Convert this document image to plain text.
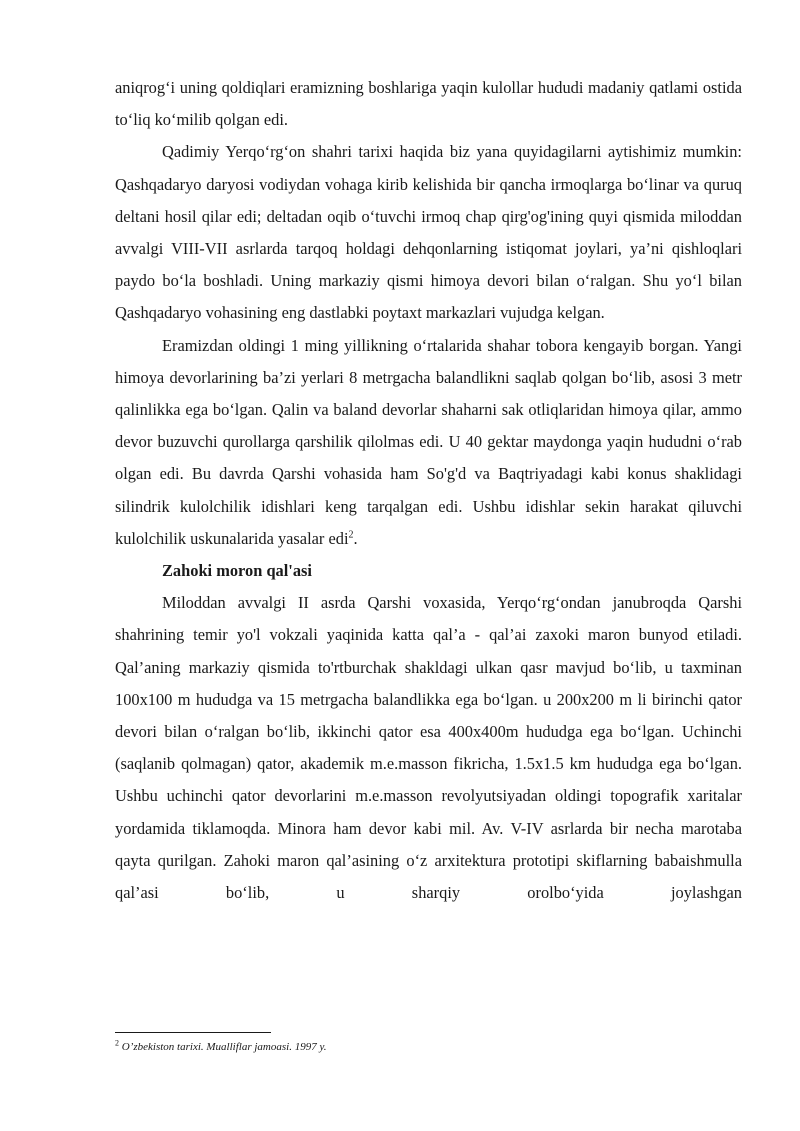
aniqrog‘i uning qoldiqlari eramizning boshlariga yaqin kulollar hududi madaniy qatlami ostida to‘liq ko‘milib qolgan edi.

Qadimiy Yerqo‘rg‘on shahri tarixi haqida biz yana quyidagilarni aytishimiz mumkin: Qashqadaryo daryosi vodiydan vohaga kirib kelishida bir qancha irmoqlarga bo‘linar va quruq deltani hosil qilar edi; deltadan oqib o‘tuvchi irmoq chap qirg'og'ining quyi qismida miloddan avvalgi VIII-VII asrlarda tarqoq holdagi dehqonlarning istiqomat joylari, ya’ni qishloqlari paydo bo‘la boshladi. Uning markaziy qismi himoya devori bilan o‘ralgan. Shu yo‘l bilan Qashqadaryo vohasining eng dastlabki poytaxt markazlari vujudga kelgan.

Eramizdan oldingi 1 ming yillikning o‘rtalarida shahar tobora kengayib borgan. Yangi himoya devorlarining ba’zi yerlari 8 metrgacha balandlikni saqlab qolgan bo‘lib, asosi 3 metr qalinlikka ega bo‘lgan. Qalin va baland devorlar shaharni sak otliqlaridan himoya qilar, ammo devor buzuvchi qurollarga qarshilik qilolmas edi. U 40 gektar maydonga yaqin hududni o‘rab olgan edi. Bu davrda Qarshi vohasida ham So'g'd va Baqtriyadagi kabi konus shaklidagi silindrik kulolchilik idishlari keng tarqalgan edi. Ushbu idishlar sekin harakat qiluvchi kulolchilik uskunalarida yasalar edi$^2$.

Zahoki moron qal'asi

Miloddan avvalgi II asrda Qarshi voxasida, Yerqo‘rg‘ondan janubroqda Qarshi shahrining temir yo'l vokzali yaqinida katta qal’a - qal’ai zaxoki maron bunyod etiladi. Qal’aning markaziy qismida to'rtburchak shakldagi ulkan qasr mavjud bo‘lib, u taxminan 100x100 m hududga va 15 metrgacha balandlikka ega bo‘lgan. u 200x200 m li birinchi qator devori bilan o‘ralgan bo‘lib, ikkinchi qator esa 400x400m hududga ega bo‘lgan. Uchinchi (saqlanib qolmagan) qator, akademik m.e.masson fikricha, 1.5x1.5 km hududga ega bo‘lgan. Ushbu uchinchi qator devorlarini m.e.masson revolyutsiyadan oldingi topografik xaritalar yordamida tiklamoqda. Minora ham devor kabi mil. Av. V-IV asrlarda bir necha marotaba qayta qurilgan. Zahoki maron qal’asining o‘z arxitektura prototipi skiflarning babaishmulla qal’asi bo‘lib, u sharqiy orolbo‘yida joylashgan

$^2$ O’zbekiston tarixi. Mualliflar jamoasi. 1997 y.
